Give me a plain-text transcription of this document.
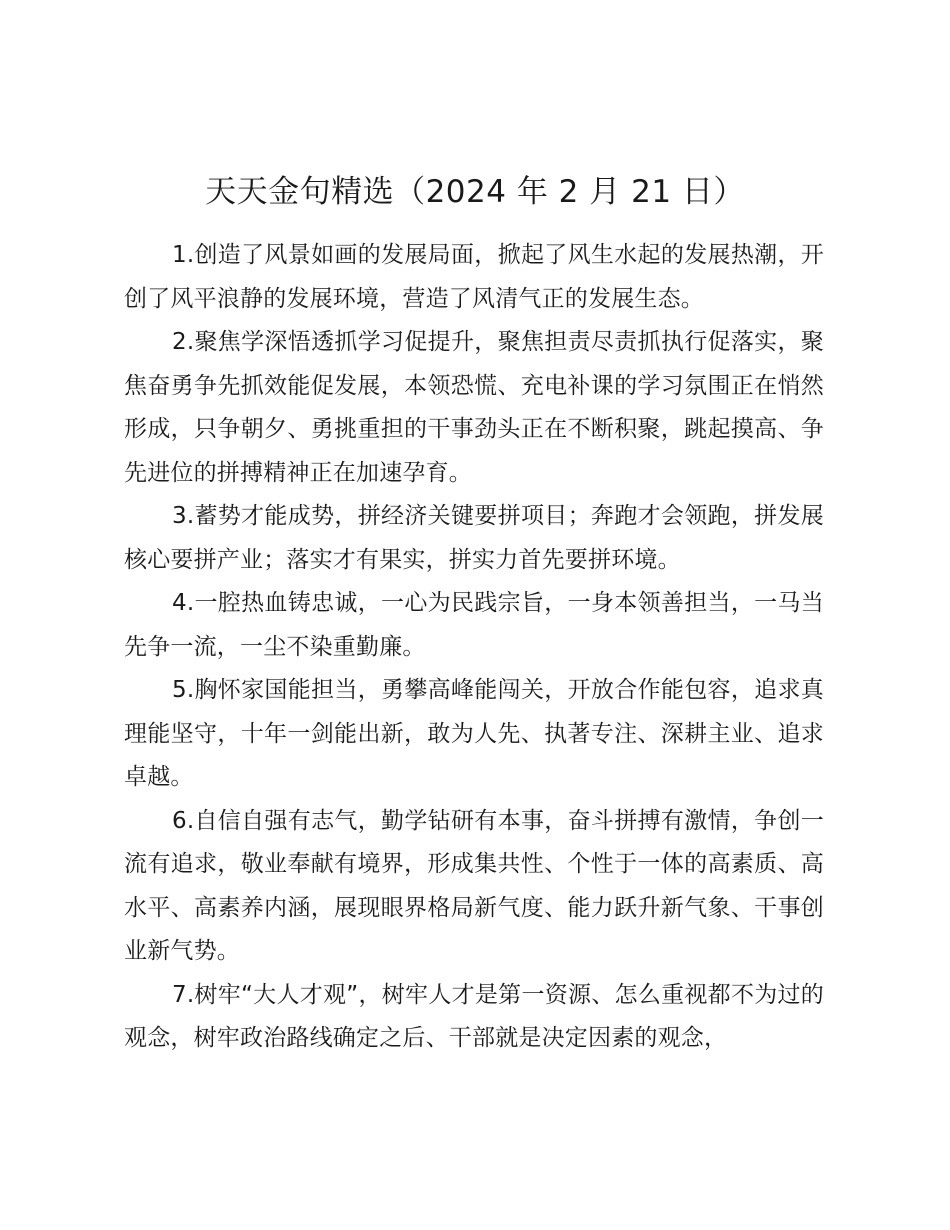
天天金句精选（2024 年 2 月 21 日）

1.创造了风景如画的发展局面，掀起了风生水起的发展热潮，开创了风平浪静的发展环境，营造了风清气正的发展生态。

2.聚焦学深悟透抓学习促提升，聚焦担责尽责抓执行促落实，聚焦奋勇争先抓效能促发展，本领恐慌、充电补课的学习氛围正在悄然形成，只争朝夕、勇挑重担的干事劲头正在不断积聚，跳起摸高、争先进位的拼搏精神正在加速孕育。

3.蓄势才能成势，拼经济关键要拼项目；奔跑才会领跑，拼发展核心要拼产业；落实才有果实，拼实力首先要拼环境。

4.一腔热血铸忠诚，一心为民践宗旨，一身本领善担当，一马当先争一流，一尘不染重勤廉。

5.胸怀家国能担当，勇攀高峰能闯关，开放合作能包容，追求真理能坚守，十年一剑能出新，敢为人先、执著专注、深耕主业、追求卓越。

6.自信自强有志气，勤学钻研有本事，奋斗拼搏有激情，争创一流有追求，敬业奉献有境界，形成集共性、个性于一体的高素质、高水平、高素养内涵，展现眼界格局新气度、能力跃升新气象、干事创业新气势。

7.树牢“大人才观”，树牢人才是第一资源、怎么重视都不为过的观念，树牢政治路线确定之后、干部就是决定因素的观念，
